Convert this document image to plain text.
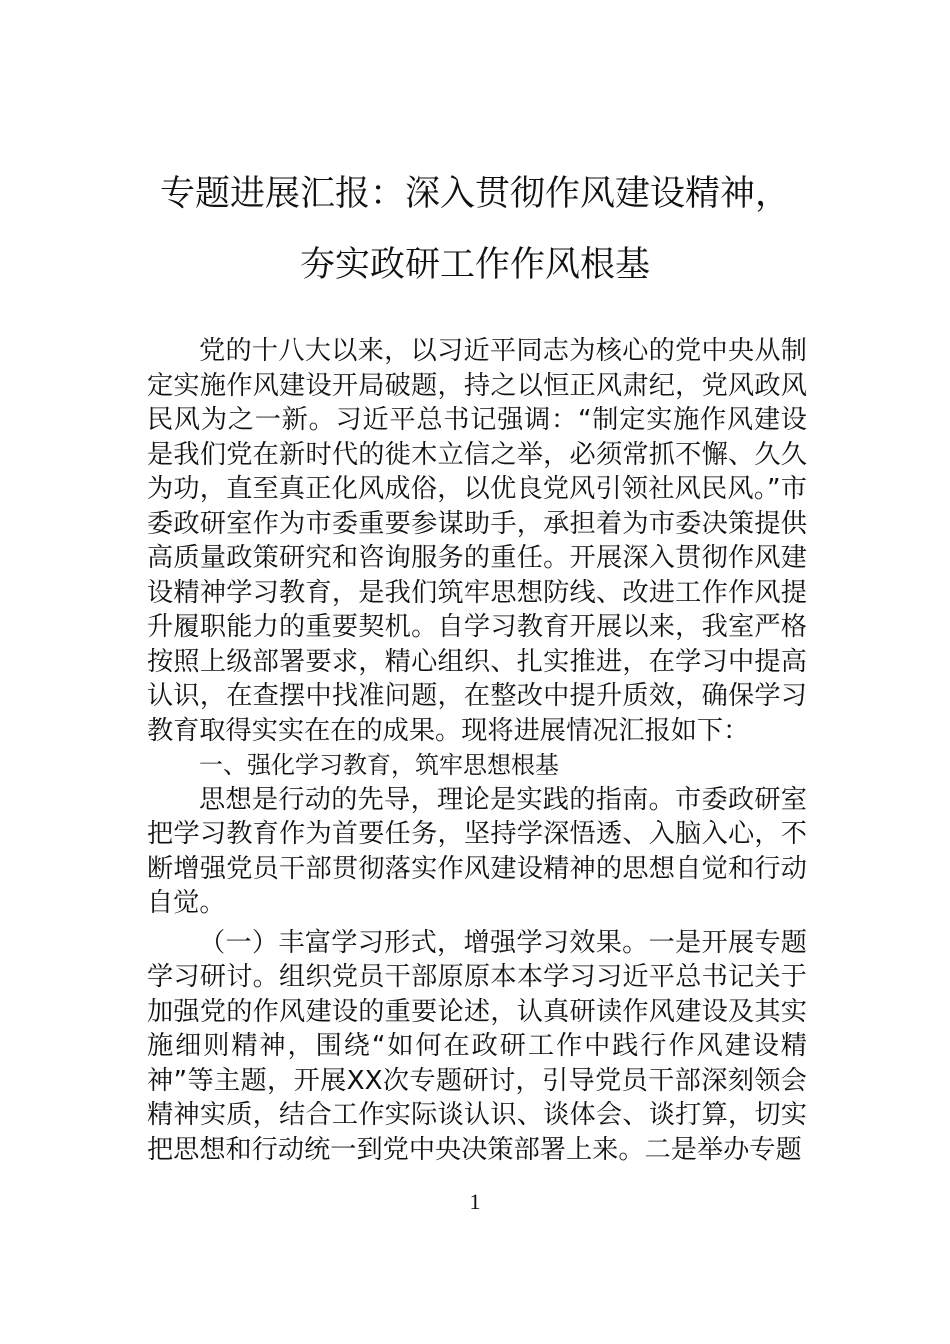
专题进展汇报：深入贯彻作风建设精神，
夯实政研工作作风根基

党的十八大以来，以习近平同志为核心的党中央从制定实施作风建设开局破题，持之以恒正风肃纪，党风政风民风为之一新。习近平总书记强调：“制定实施作风建设是我们党在新时代的徙木立信之举，必须常抓不懈、久久为功，直至真正化风成俗，以优良党风引领社风民风。”市委政研室作为市委重要参谋助手，承担着为市委决策提供高质量政策研究和咨询服务的重任。开展深入贯彻作风建设精神学习教育，是我们筑牢思想防线、改进工作作风提升履职能力的重要契机。自学习教育开展以来，我室严格按照上级部署要求，精心组织、扎实推进，在学习中提高认识，在查摆中找准问题，在整改中提升质效，确保学习教育取得实实在在的成果。现将进展情况汇报如下：

一、强化学习教育，筑牢思想根基

思想是行动的先导，理论是实践的指南。市委政研室把学习教育作为首要任务，坚持学深悟透、入脑入心，不断增强党员干部贯彻落实作风建设精神的思想自觉和行动自觉。

（一）丰富学习形式，增强学习效果。一是开展专题学习研讨。组织党员干部原原本本学习习近平总书记关于加强党的作风建设的重要论述，认真研读作风建设及其实施细则精神，围绕“如何在政研工作中践行作风建设精神”等主题，开展XX次专题研讨，引导党员干部深刻领会精神实质，结合工作实际谈认识、谈体会、谈打算，切实把思想和行动统一到党中央决策部署上来。二是举办专题

1
